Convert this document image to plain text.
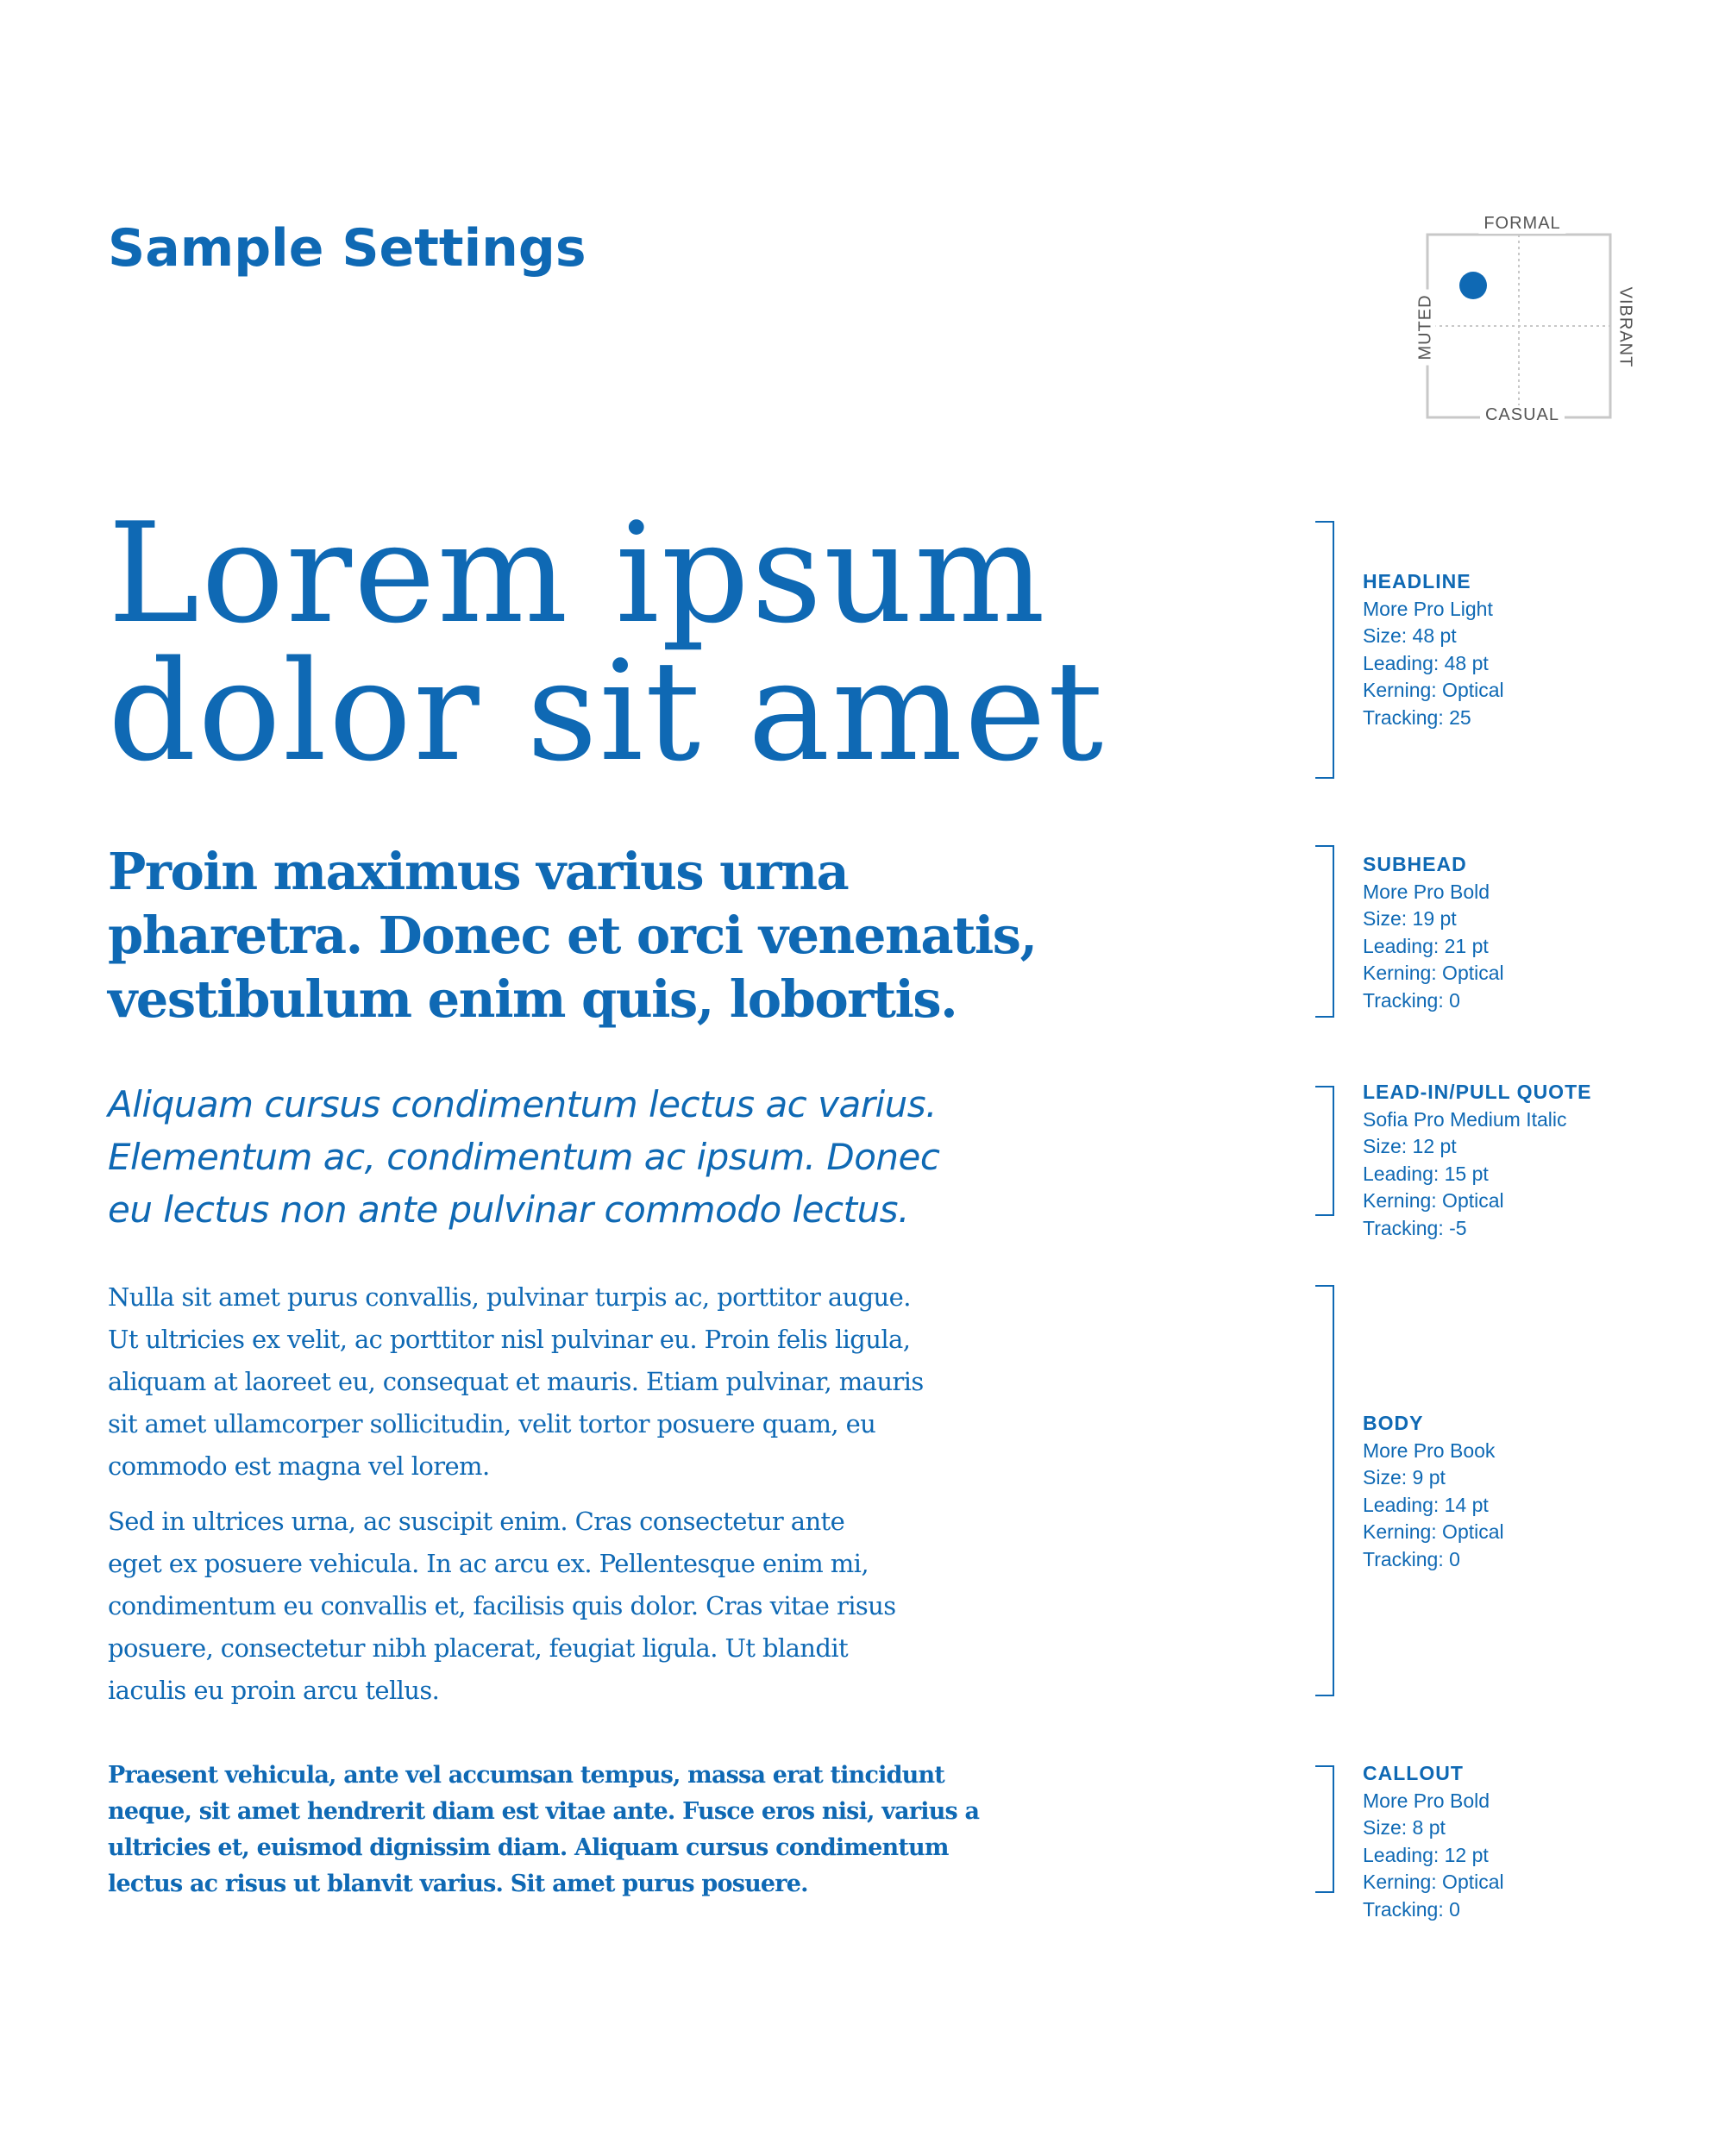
Sample Settings	FORMAL
CASUAL
MUTED	VIBRANT
Lorem ipsum
dolor sit amet
Proin maximus varius urna
pharetra. Donec et orci venenatis,
vestibulum enim quis, lobortis.
Aliquam cursus condimentum lectus ac varius.
Elementum ac, condimentum ac ipsum. Donec
eu lectus non ante pulvinar commodo lectus.
Nulla sit amet purus convallis, pulvinar turpis ac, porttitor augue.
Ut ultricies ex velit, ac porttitor nisl pulvinar eu. Proin felis ligula,
aliquam at laoreet eu, consequat et mauris. Etiam pulvinar, mauris
sit amet ullamcorper sollicitudin, velit tortor posuere quam, eu
commodo est magna vel lorem.
Sed in ultrices urna, ac suscipit enim. Cras consectetur ante
eget ex posuere vehicula. In ac arcu ex. Pellentesque enim mi,
condimentum eu convallis et, facilisis quis dolor. Cras vitae risus
posuere, consectetur nibh placerat, feugiat ligula. Ut blandit
iaculis eu proin arcu tellus.
Praesent vehicula, ante vel accumsan tempus, massa erat tincidunt
neque, sit amet hendrerit diam est vitae ante. Fusce eros nisi, varius a
ultricies et, euismod dignissim diam. Aliquam cursus condimentum
lectus ac risus ut blanvit varius. Sit amet purus posuere.
HEADLINE
More Pro Light
Size: 48 pt
Leading: 48 pt
Kerning: Optical
Tracking: 25
SUBHEAD
More Pro Bold
Size: 19 pt
Leading: 21 pt
Kerning: Optical
Tracking: 0
LEAD-IN/PULL QUOTE
Sofia Pro Medium Italic
Size: 12 pt
Leading: 15 pt
Kerning: Optical
Tracking: -5
BODY
More Pro Book
Size: 9 pt
Leading: 14 pt
Kerning: Optical
Tracking: 0
CALLOUT
More Pro Bold
Size: 8 pt
Leading: 12 pt
Kerning: Optical
Tracking: 0
